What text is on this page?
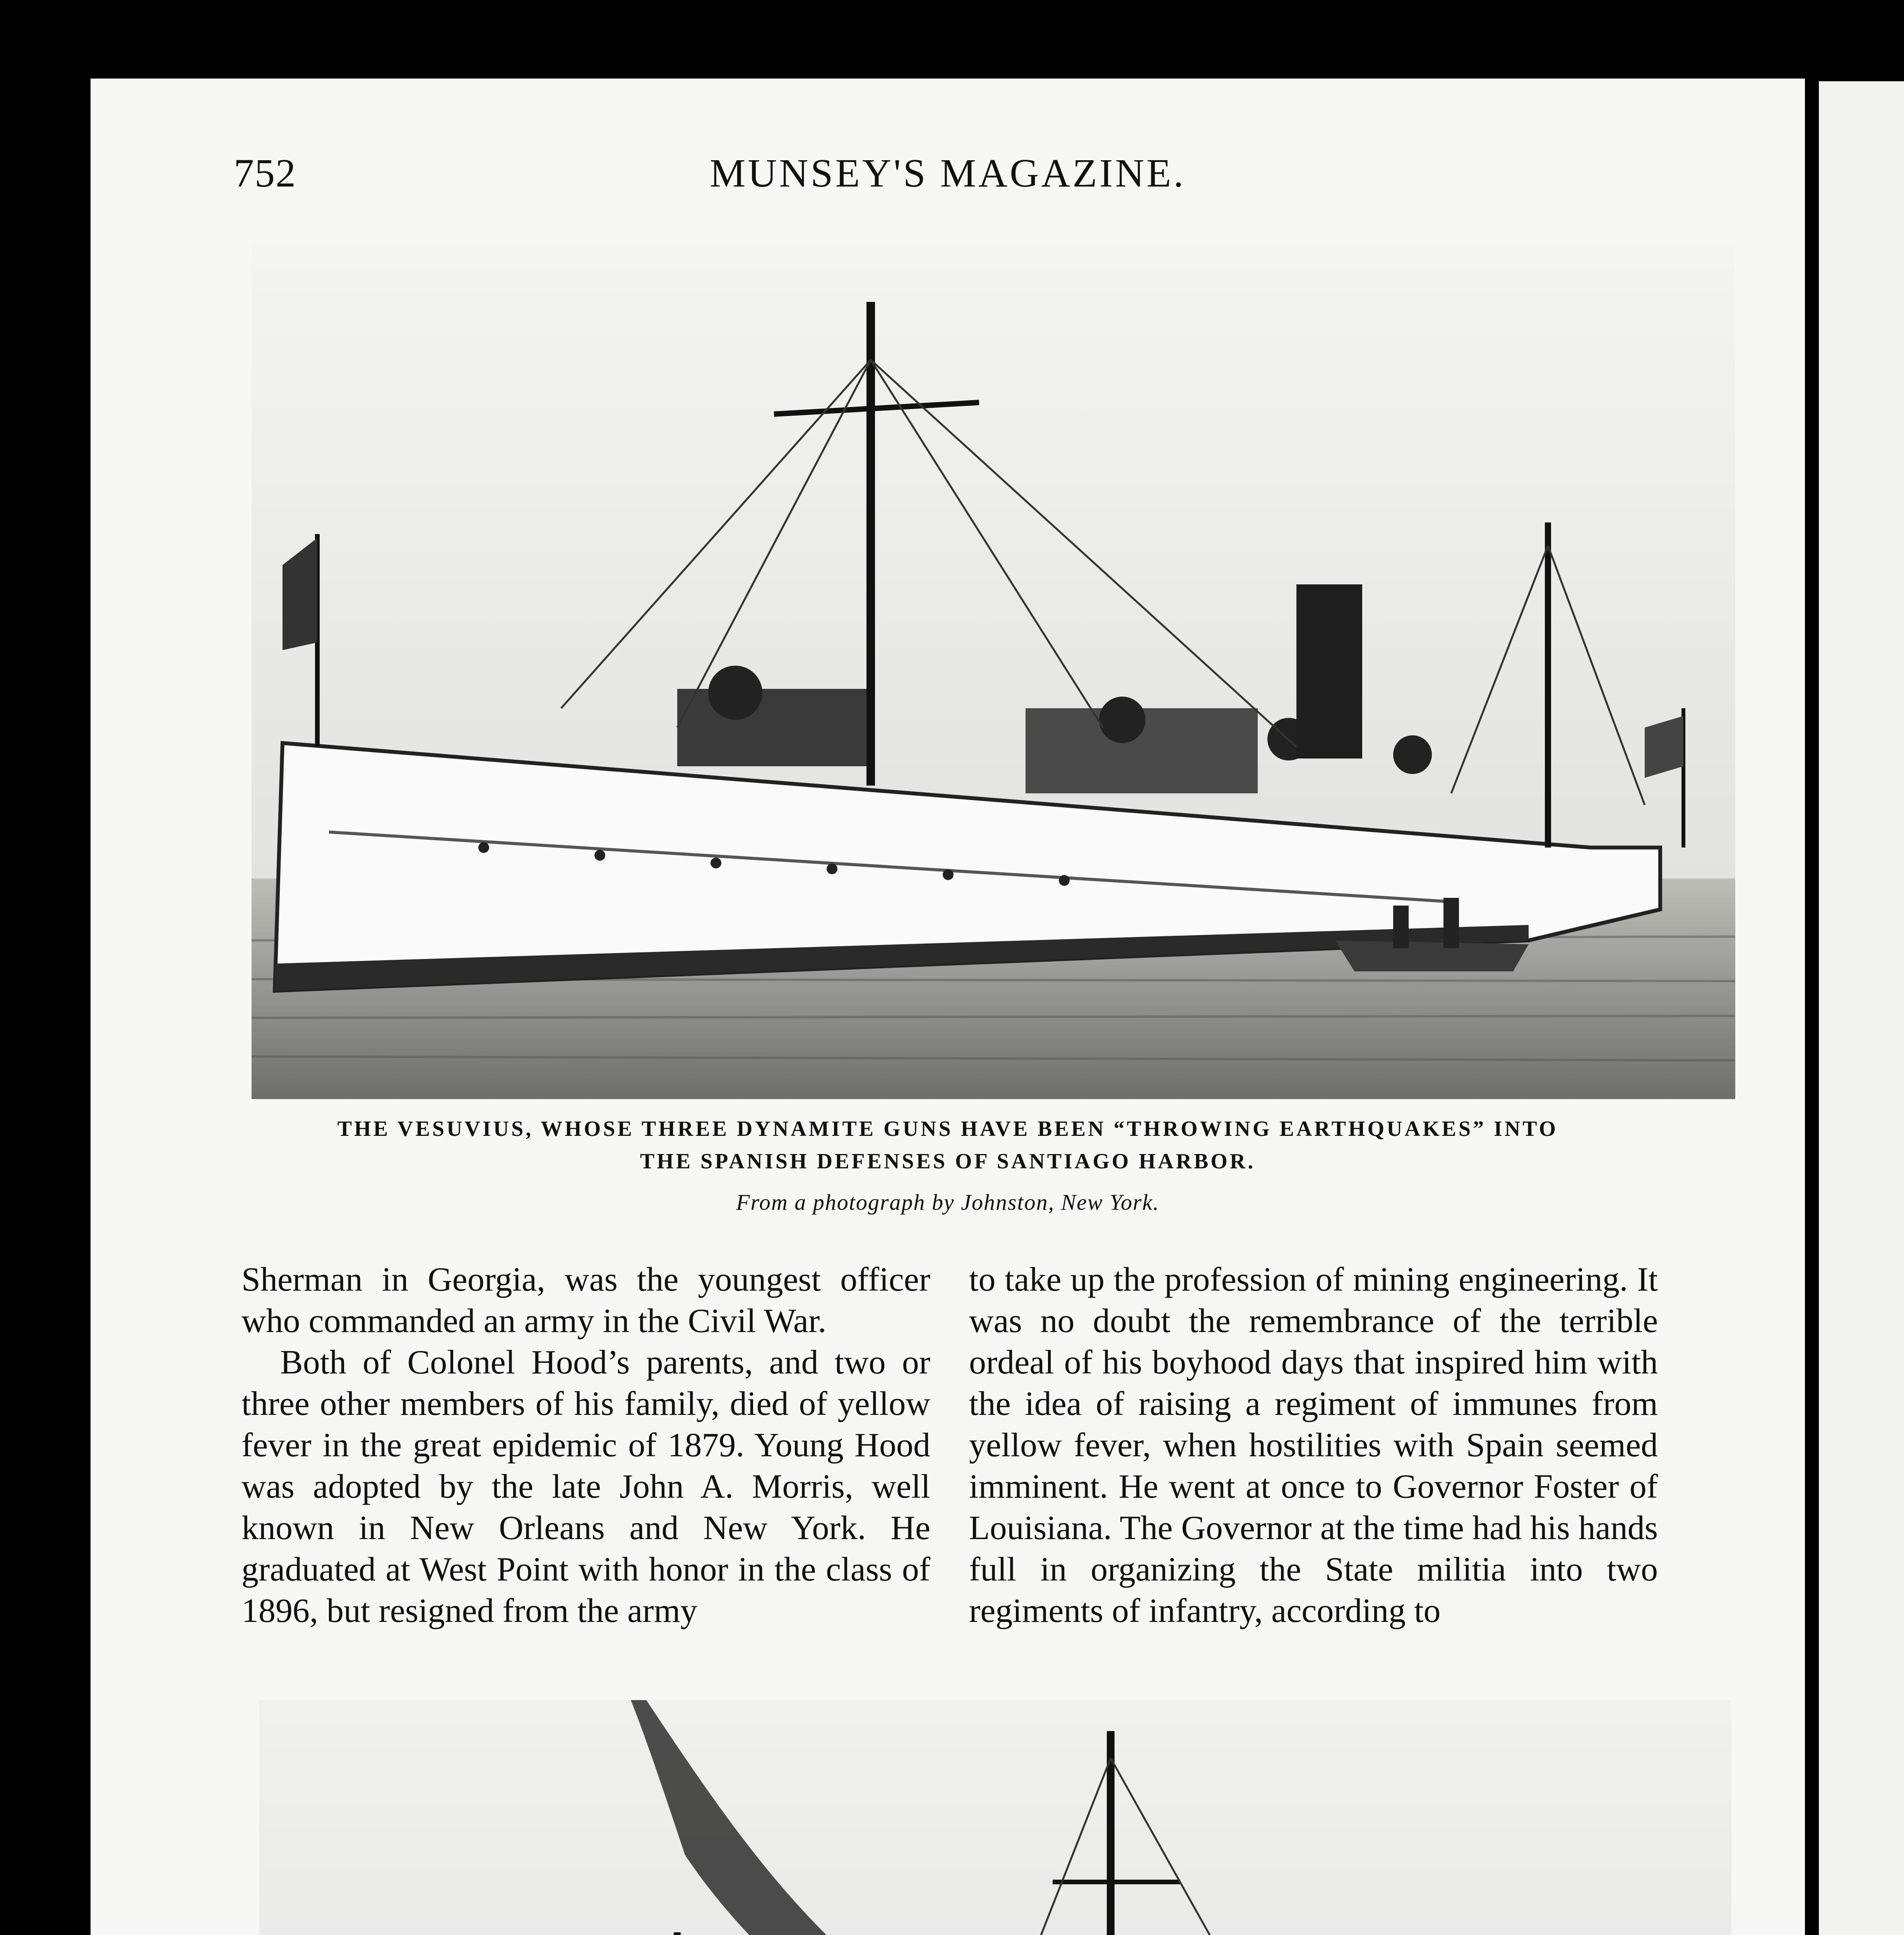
752	MUNSEY'S MAGAZINE.
THE VESUVIUS, WHOSE THREE DYNAMITE GUNS HAVE BEEN “THROWING EARTHQUAKES” INTO
THE SPANISH DEFENSES OF SANTIAGO HARBOR.
From a photograph by Johnston, New York.

Sherman in Georgia, was the youngest officer who commanded an army in the Civil War.

Both of Colonel Hood’s parents, and two or three other members of his family, died of yellow fever in the great epidemic of 1879. Young Hood was adopted by the late John A. Morris, well known in New Orleans and New York. He graduated at West Point with honor in the class of 1896, but resigned from the army

to take up the profession of mining engineering. It was no doubt the remembrance of the terrible ordeal of his boyhood days that inspired him with the idea of raising a regiment of immunes from yellow fever, when hostilities with Spain seemed imminent. He went at once to Governor Foster of Louisiana. The Governor at the time had his hands full in organizing the State militia into two regiments of infantry, according to
